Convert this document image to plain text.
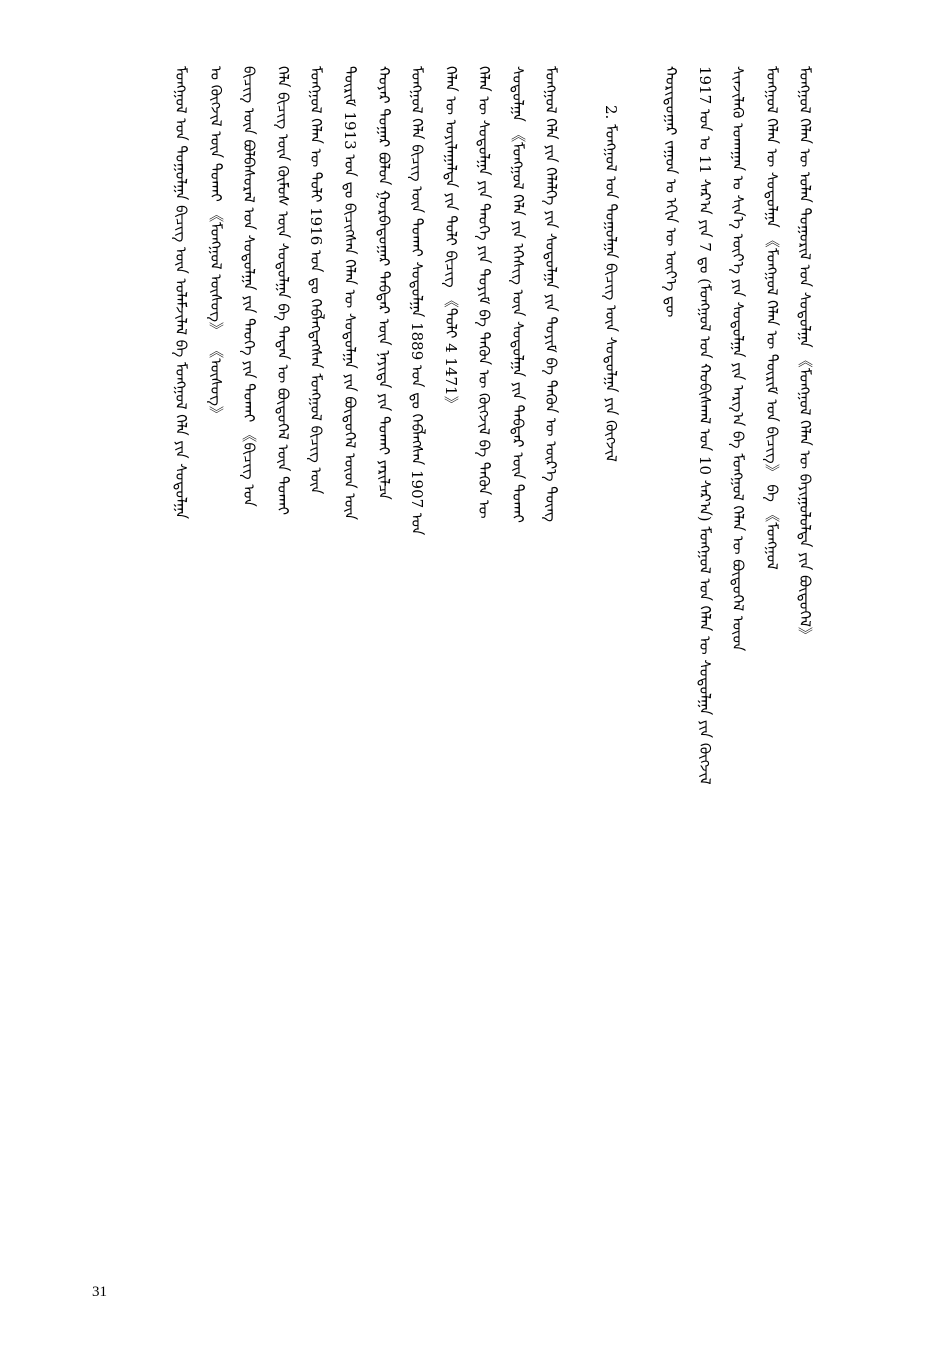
ᠮᠣᠩᠭᠣᠯ ᠤᠨ ᠲᠣᠭᠣᠯᠭᠠ ᠪᠢᠴᠢᠭ ᠦᠨ ᠤᠯᠠᠮᠵᠢᠯᠠᠯ ᠪᠠ ᠮᠣᠩᠭᠣᠯ ᠬᠡᠯᠡ ᠶᠢᠨ ᠰᠤᠳᠤᠯᠭᠠ	ᠤ ᠬᠥᠭᠵᠢᠯ ᠦᠨ ᠲᠤᠬᠠᠢ 《ᠮᠣᠩᠭᠣᠯ ᠦᠰᠦᠭ》 《ᠦᠰᠦᠭ》	ᠪᠢᠴᠢᠭ ᠦᠨ ᠪᠣᠯᠪᠠᠰᠤᠷᠠᠯ ᠤᠨ ᠰᠤᠳᠤᠯᠭᠠ ᠶᠢᠨ ᠲᠡᠦᠬᠡ ᠶᠢᠨ ᠲᠤᠬᠠᠢ 《ᠪᠢᠴᠢᠭ ᠤᠨ	ᠬᠡᠯᠡ ᠪᠢᠴᠢᠭ ᠦᠨ ᠬᠥᠮᠦᠰ ᠦᠨ ᠰᠤᠳᠤᠯᠭᠠ ᠪᠠ ᠲᠡᠳᠡᠨ ᠦ ᠪᠦᠲᠦᠭᠡᠯ ᠦᠨ ᠲᠤᠬᠠᠢ	ᠮᠣᠩᠭᠣᠯ ᠬᠡᠯᠡᠨ ᠦ ᠲᠣᠯᠢ 1916 ᠣᠨ ᠳᠤ ᠬᠡᠪᠯᠡᠭᠳᠡᠭᠰᠡᠨ ᠮᠣᠩᠭᠣᠯ ᠪᠢᠴᠢᠭ ᠦᠨ	ᠳᠦᠷᠢᠮ 1913 ᠣᠨ ᠳᠤ ᠪᠢᠴᠢᠭᠰᠡᠨ ᠬᠡᠯᠡᠨ ᠦ ᠰᠤᠳᠤᠯᠭᠠ ᠶᠢᠨ ᠪᠦᠲᠦᠭᠡᠯ ᠦᠳ ᠦᠨ	ᠬᠣᠶᠠᠷ ᠳᠤᠭᠠᠷ ᠪᠣᠯᠤᠨ ᠭᠤᠷᠪᠠᠳᠤᠭᠠᠷ ᠳᠡᠪᠲᠡᠷ ᠦᠨ ᠨᠡᠶᠢᠲᠡ ᠶᠢᠨ ᠲᠤᠬᠠᠢ ᠶᠠᠷᠢᠯᠴᠠ	ᠮᠣᠩᠭᠣᠯ ᠬᠡᠯᠡ ᠪᠢᠴᠢᠭ ᠦᠨ ᠲᠤᠬᠠᠢ ᠰᠤᠳᠤᠯᠭᠠ 1889 ᠣᠨ ᠳᠤ ᠬᠡᠪᠯᠡᠭᠰᠡᠨ 1907 ᠣᠨ	ᠬᠡᠯᠡᠨ ᠦ ᠣᠶᠢᠯᠠᠭᠠᠯᠲᠠ ᠶᠢᠨ ᠲᠣᠯᠢ ᠪᠢᠴᠢᠭ 《ᠲᠣᠯᠢ 4 1471》	ᠬᠡᠯᠡᠨ ᠦ ᠰᠤᠳᠤᠯᠭᠠ ᠶᠢᠨ ᠲᠡᠦᠬᠡ ᠶᠢᠨ ᠲᠣᠶᠢᠮ ᠪᠠ ᠲᠡᠭᠦᠨ ᠦ ᠬᠥᠭᠵᠢᠯ ᠪᠠ ᠲᠡᠭᠦᠨ ᠦ	ᠰᠤᠳᠤᠯᠭᠠ 《ᠮᠣᠩᠭᠣᠯ ᠬᠡᠯᠡ ᠶᠢᠨ ᠡᠭᠡᠰᠢᠭ ᠦᠨ ᠰᠤᠳᠤᠯᠭᠠ ᠶᠢᠨ ᠳᠡᠪᠲᠡᠷ ᠦᠨ ᠲᠤᠬᠠᠢ	ᠮᠣᠩᠭᠣᠯ ᠬᠡᠯᠡ ᠶᠢᠨ ᠬᠡᠯᠡᠯᠭᠡ ᠶᠢᠨ ᠰᠤᠳᠤᠯᠭᠠ ᠶᠢᠨ ᠲᠣᠶᠢᠮ ᠪᠠ ᠲᠡᠭᠦᠨ ᠦ ᠦᠷ᠎ᠡ ᠳᠦᠩ	2. ᠮᠣᠩᠭᠣᠯ ᠤᠨ ᠲᠣᠭᠣᠯᠭᠠ ᠪᠢᠴᠢᠭ ᠦᠨ ᠰᠤᠳᠤᠯᠭᠠ ᠶᠢᠨ ᠬᠥᠭᠵᠢᠯ	ᠬᠣᠷᠢᠳᠤᠭᠠᠷ ᠵᠠᠭᠤᠨ ᠤ ᠡᠬᠢᠨ ᠦ ᠦᠶ᠎ᠡ ᠳᠦ	1917 ᠣᠨ ᠤ 11 ᠰᠠᠷ᠎ᠠ ᠶᠢᠨ 7 ᠳᠤ (ᠮᠣᠩᠭᠣᠯ ᠤᠨ ᠬᠣᠪᠢᠰᠬᠠᠯ ᠤᠨ 10 ᠰᠠᠷ᠎ᠠ) ᠮᠣᠩᠭᠣᠯ ᠤᠨ ᠬᠡᠯᠡᠨ ᠦ ᠰᠤᠳᠤᠯᠭᠠ ᠶᠢᠨ ᠬᠥᠭᠵᠢᠯ	ᠰᠢᠨᠵᠢᠯᠡᠬᠦ ᠤᠬᠠᠭᠠᠨ ᠤ ᠰᠢᠨ᠎ᠡ ᠦᠶ᠎ᠡ ᠶᠢᠨ ᠰᠤᠳᠤᠯᠭᠠ ᠶᠢᠨ ᠠᠷᠭ᠎ᠠ ᠪᠠ ᠮᠣᠩᠭᠣᠯ ᠬᠡᠯᠡᠨ ᠦ ᠪᠦᠲᠦᠭᠡᠯ ᠦᠳ	ᠮᠣᠩᠭᠣᠯ ᠬᠡᠯᠡᠨ ᠦ ᠰᠤᠳᠤᠯᠭᠠ 《ᠮᠣᠩᠭᠣᠯ ᠬᠡᠯᠡᠨ ᠦ ᠳᠦᠷᠢᠮ ᠤᠨ ᠪᠢᠴᠢᠭ》 ᠪᠠ 《ᠮᠣᠩᠭᠣᠯ	ᠮᠣᠩᠭᠣᠯ ᠬᠡᠯᠡᠨ ᠦ ᠣᠯᠠᠨ ᠲᠣᠭᠣᠷᠢᠯ ᠤᠨ ᠰᠤᠳᠤᠯᠭᠠ 《ᠮᠣᠩᠭᠣᠯ ᠬᠡᠯᠡᠨ ᠦ ᠪᠠᠶᠢᠭᠤᠯᠤᠯᠲᠠ ᠶᠢᠨ ᠪᠦᠲᠦᠭᠡᠯ》
31
